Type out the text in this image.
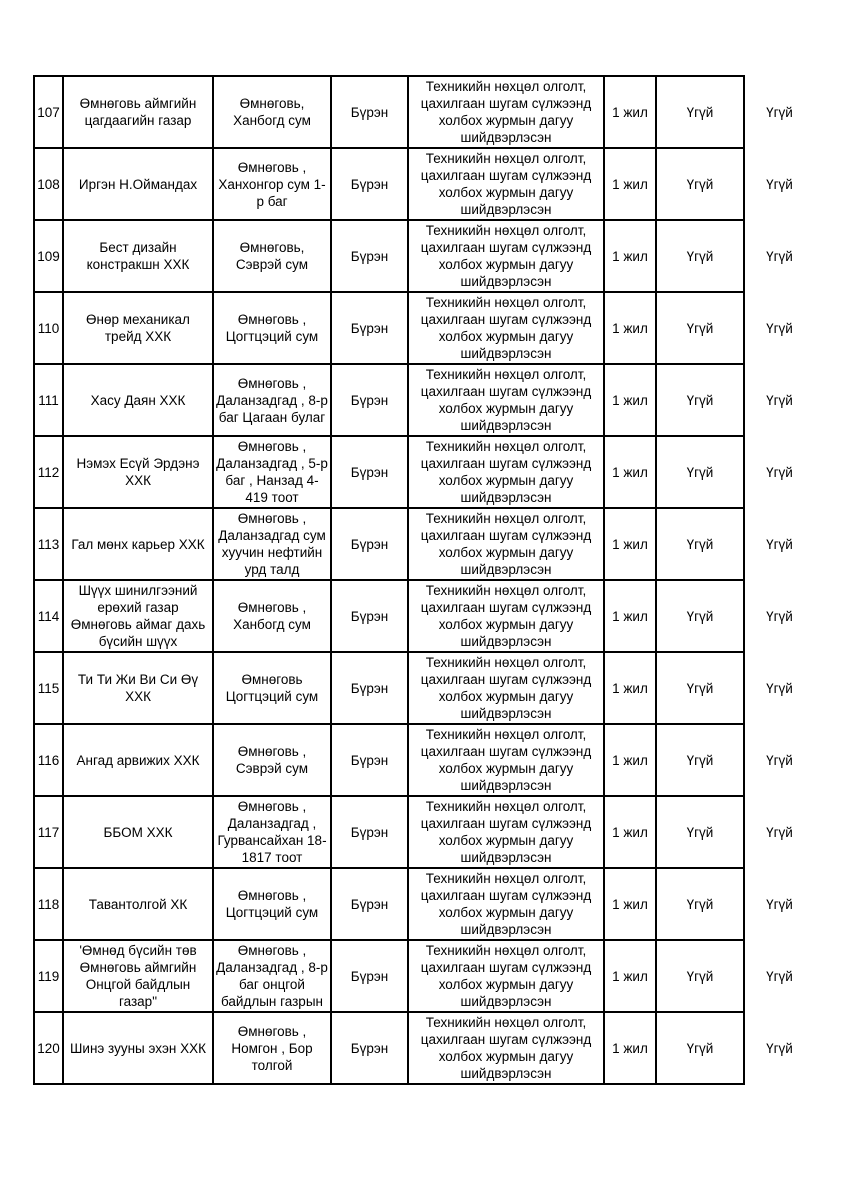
107	Өмнөговь аймгийн цагдаагийн газар	Өмнөговь, Ханбогд сум	Бүрэн	Техникийн нөхцөл олголт, цахилгаан шугам сүлжээнд холбох журмын дагуу шийдвэрлэсэн	1 жил	Үгүй	Үгүй
108	Иргэн Н.Оймандах	Өмнөговь , Ханхонгор сум 1-р баг	Бүрэн	Техникийн нөхцөл олголт, цахилгаан шугам сүлжээнд холбох журмын дагуу шийдвэрлэсэн	1 жил	Үгүй	Үгүй
109	Бест дизайн констракшн ХХК	Өмнөговь, Сэврэй сум	Бүрэн	Техникийн нөхцөл олголт, цахилгаан шугам сүлжээнд холбох журмын дагуу шийдвэрлэсэн	1 жил	Үгүй	Үгүй
110	Өнөр механикал трейд ХХК	Өмнөговь , Цогтцэций сум	Бүрэн	Техникийн нөхцөл олголт, цахилгаан шугам сүлжээнд холбох журмын дагуу шийдвэрлэсэн	1 жил	Үгүй	Үгүй
111	Хасу Даян ХХК	Өмнөговь , Даланзадгад , 8-р баг Цагаан булаг	Бүрэн	Техникийн нөхцөл олголт, цахилгаан шугам сүлжээнд холбох журмын дагуу шийдвэрлэсэн	1 жил	Үгүй	Үгүй
112	Нэмэх Есүй Эрдэнэ ХХК	Өмнөговь , Даланзадгад , 5-р баг , Нанзад 4-419 тоот	Бүрэн	Техникийн нөхцөл олголт, цахилгаан шугам сүлжээнд холбох журмын дагуу шийдвэрлэсэн	1 жил	Үгүй	Үгүй
113	Гал мөнх карьер ХХК	Өмнөговь , Даланзадгад сум хуучин нефтийн урд талд	Бүрэн	Техникийн нөхцөл олголт, цахилгаан шугам сүлжээнд холбох журмын дагуу шийдвэрлэсэн	1 жил	Үгүй	Үгүй
114	Шүүх шинилгээний ерөхий газар Өмнөговь аймаг дахь бүсийн шүүх	Өмнөговь , Ханбогд сум	Бүрэн	Техникийн нөхцөл олголт, цахилгаан шугам сүлжээнд холбох журмын дагуу шийдвэрлэсэн	1 жил	Үгүй	Үгүй
115	Ти Ти Жи Ви Си Өү ХХК	Өмнөговь Цогтцэций сум	Бүрэн	Техникийн нөхцөл олголт, цахилгаан шугам сүлжээнд холбох журмын дагуу шийдвэрлэсэн	1 жил	Үгүй	Үгүй
116	Ангад арвижих ХХК	Өмнөговь , Сэврэй сум	Бүрэн	Техникийн нөхцөл олголт, цахилгаан шугам сүлжээнд холбох журмын дагуу шийдвэрлэсэн	1 жил	Үгүй	Үгүй
117	ББОМ ХХК	Өмнөговь , Даланзадгад , Гурвансайхан 18-1817 тоот	Бүрэн	Техникийн нөхцөл олголт, цахилгаан шугам сүлжээнд холбох журмын дагуу шийдвэрлэсэн	1 жил	Үгүй	Үгүй
118	Тавантолгой ХК	Өмнөговь , Цогтцэций сум	Бүрэн	Техникийн нөхцөл олголт, цахилгаан шугам сүлжээнд холбох журмын дагуу шийдвэрлэсэн	1 жил	Үгүй	Үгүй
119	'Өмнөд бүсийн төв Өмнөговь аймгийн Онцгой байдлын газар"	Өмнөговь , Даланзадгад , 8-р баг онцгой байдлын газрын	Бүрэн	Техникийн нөхцөл олголт, цахилгаан шугам сүлжээнд холбох журмын дагуу шийдвэрлэсэн	1 жил	Үгүй	Үгүй
120	Шинэ зууны эхэн ХХК	Өмнөговь , Номгон , Бор толгой	Бүрэн	Техникийн нөхцөл олголт, цахилгаан шугам сүлжээнд холбох журмын дагуу шийдвэрлэсэн	1 жил	Үгүй	Үгүй
